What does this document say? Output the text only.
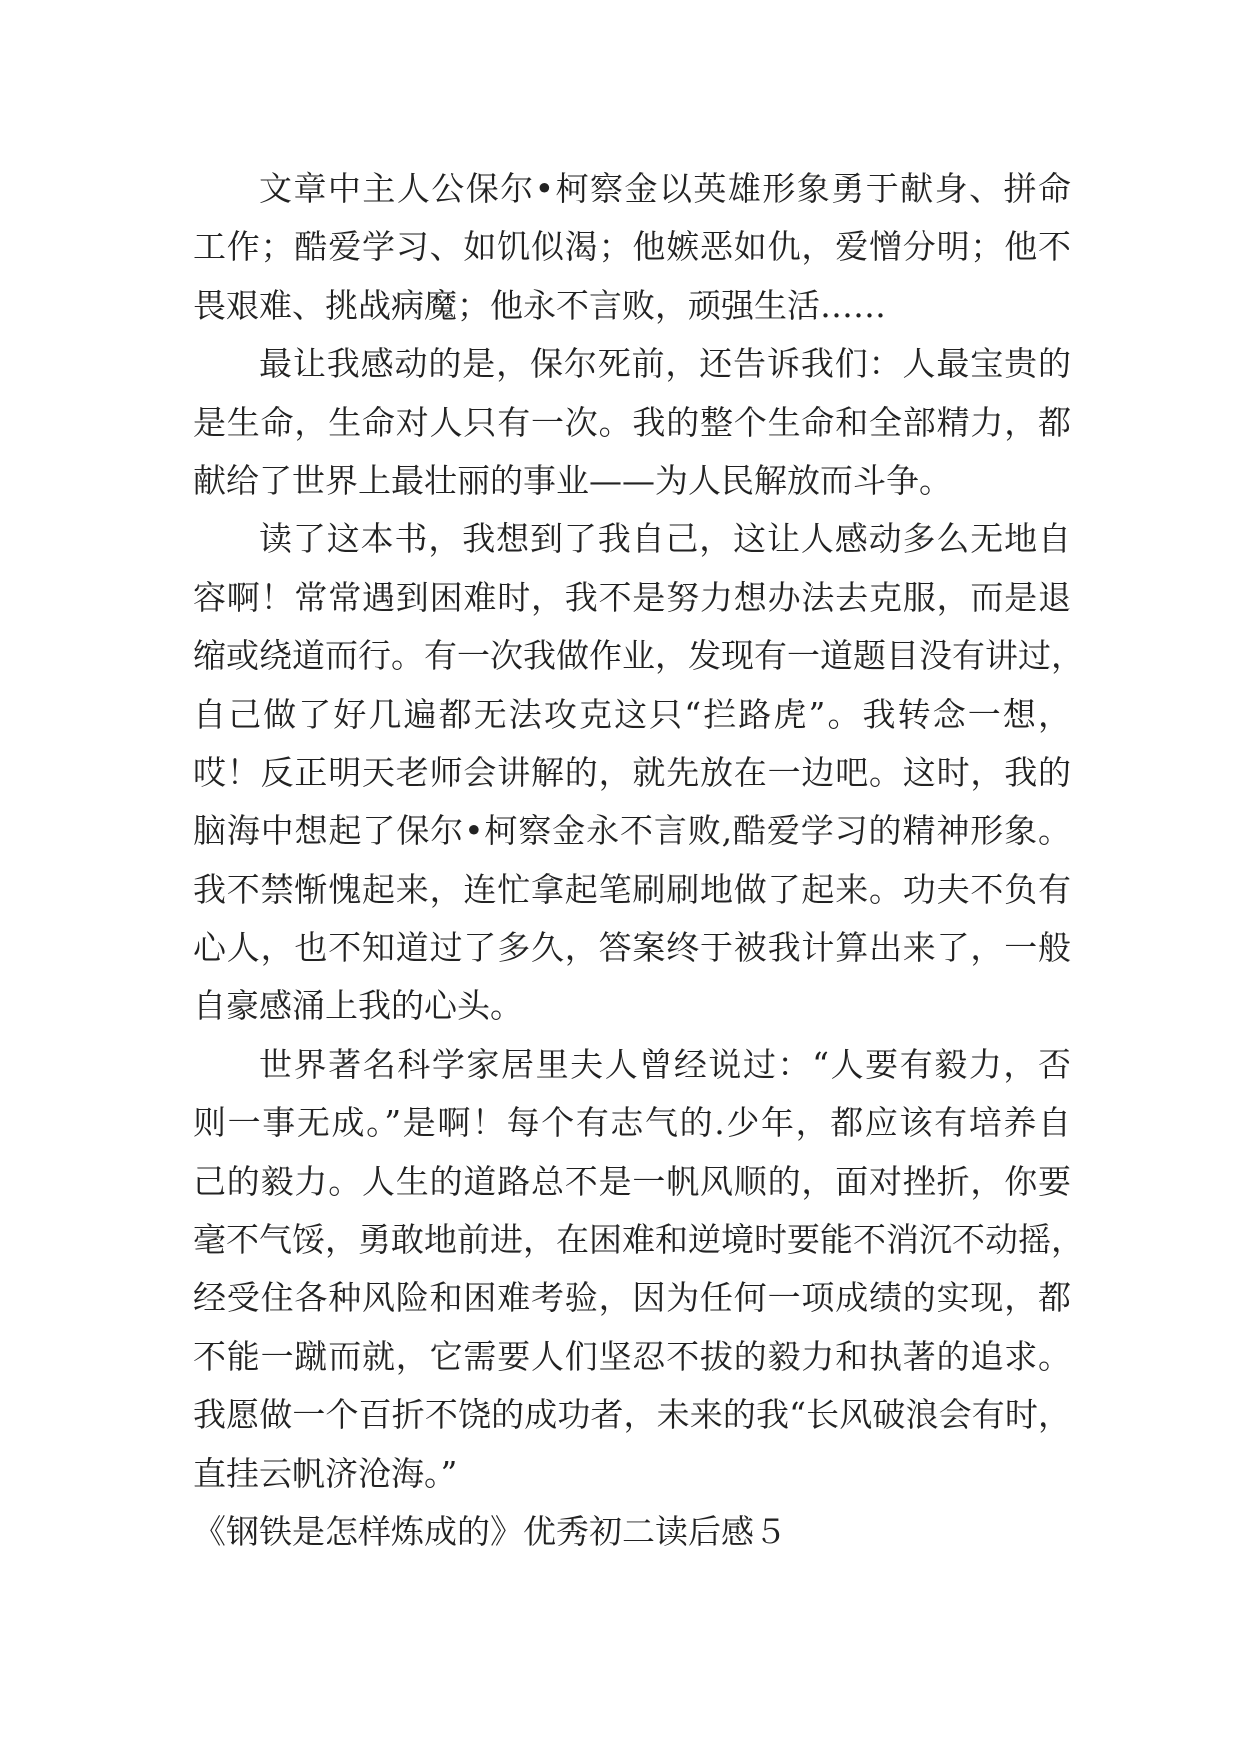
文章中主人公保尔•柯察金以英雄形象勇于献身、拼命
工作；酷爱学习、如饥似渴；他嫉恶如仇，爱憎分明；他不
畏艰难、挑战病魔；他永不言败，顽强生活……
最让我感动的是，保尔死前，还告诉我们：人最宝贵的
是生命，生命对人只有一次。我的整个生命和全部精力，都
献给了世界上最壮丽的事业——为人民解放而斗争。
读了这本书，我想到了我自己，这让人感动多么无地自
容啊！常常遇到困难时，我不是努力想办法去克服，而是退
缩或绕道而行。有一次我做作业，发现有一道题目没有讲过，
自己做了好几遍都无法攻克这只“拦路虎”。我转念一想，
哎！反正明天老师会讲解的，就先放在一边吧。这时，我的
脑海中想起了保尔•柯察金永不言败,酷爱学习的精神形象。
我不禁惭愧起来，连忙拿起笔刷刷地做了起来。功夫不负有
心人，也不知道过了多久，答案终于被我计算出来了，一般
自豪感涌上我的心头。
世界著名科学家居里夫人曾经说过：“人要有毅力，否
则一事无成。”是啊！每个有志气的.少年，都应该有培养自
己的毅力。人生的道路总不是一帆风顺的，面对挫折，你要
毫不气馁，勇敢地前进，在困难和逆境时要能不消沉不动摇，
经受住各种风险和困难考验，因为任何一项成绩的实现，都
不能一蹴而就，它需要人们坚忍不拔的毅力和执著的追求。
我愿做一个百折不饶的成功者，未来的我“长风破浪会有时，
直挂云帆济沧海。”
《钢铁是怎样炼成的》优秀初二读后感５
